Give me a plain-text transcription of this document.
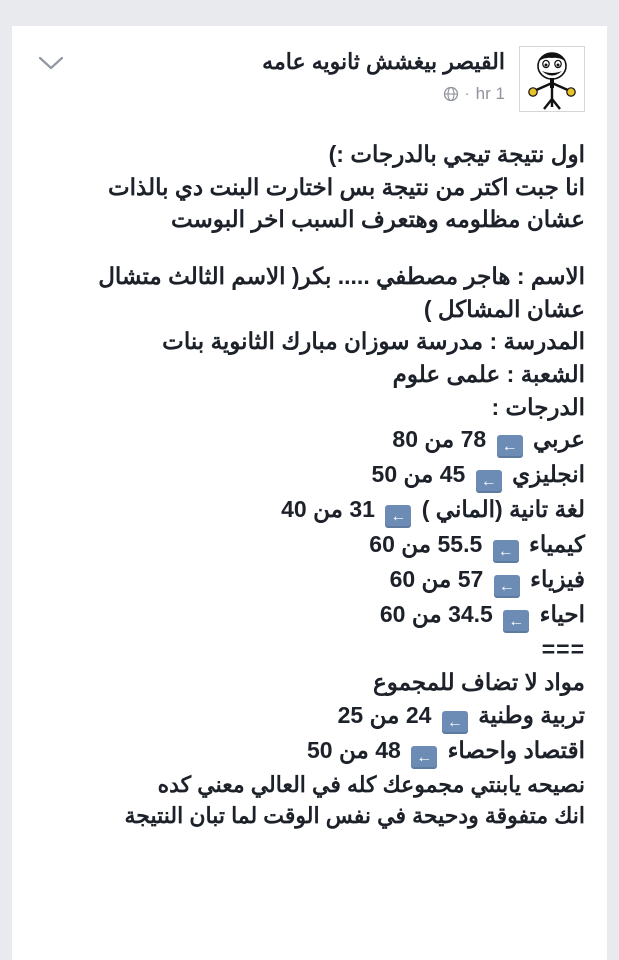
القيصر بيغشش ثانويه عامه
1 hr
·

اول نتيجة تيجي بالدرجات :)

انا جبت اكتر من نتيجة بس اختارت البنت دي بالذات

عشان مظلومه وهتعرف السبب اخر البوست

الاسم : هاجر مصطفي ..... بكر( الاسم الثالث متشال

عشان المشاكل )

المدرسة : مدرسة سوزان مبارك الثانوية بنات

الشعبة : علمى علوم

الدرجات :

عربي ← 78 من 80

انجليزي ← 45 من 50

لغة تانية (الماني ) ← 31 من 40

كيمياء ← 55.5 من 60

فيزياء ← 57 من 60

احياء ← 34.5 من 60

===

مواد لا تضاف للمجموع

تربية وطنية ← 24 من 25

اقتصاد واحصاء ← 48 من 50

نصيحه يابنتي مجموعك كله في العالي معني كده

انك متفوقة ودحيحة في نفس الوقت لما تبان النتيجة
